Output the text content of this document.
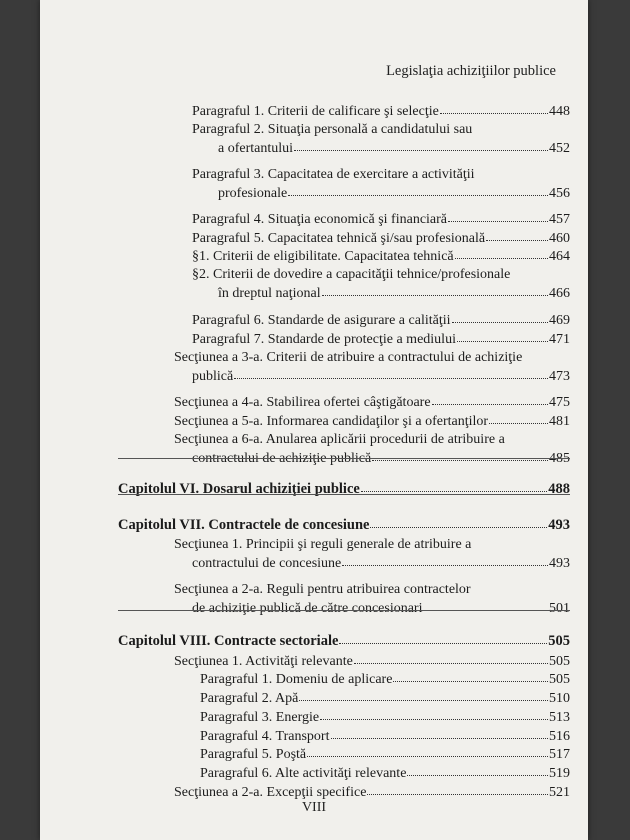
Legislaţia achiziţiilor publice
Paragraful 1. Criterii de calificare şi selecţie	448
Paragraful 2. Situaţia personală a candidatului sau
a ofertantului	452
Paragraful 3. Capacitatea de exercitare a activităţii
profesionale	456
Paragraful 4. Situaţia economică şi financiară	457
Paragraful 5. Capacitatea tehnică şi/sau profesională	460
§1. Criterii de eligibilitate. Capacitatea tehnică	464
§2. Criterii de dovedire a capacităţii tehnice/profesionale
în dreptul naţional	466
Paragraful 6. Standarde de asigurare a calităţii	469
Paragraful 7. Standarde de protecţie a mediului	471
Secţiunea a 3-a. Criterii de atribuire a contractului de achiziţie
publică	473
Secţiunea a 4-a. Stabilirea ofertei câştigătoare	475
Secţiunea a 5-a. Informarea candidaţilor şi a ofertanţilor	481
Secţiunea a 6-a. Anularea aplicării procedurii de atribuire a
contractului de achiziţie publică	485
Capitolul VI. Dosarul achiziţiei publice	488
Capitolul VII. Contractele de concesiune	493
Secţiunea 1. Principii şi reguli generale de atribuire a
contractului de concesiune	493
Secţiunea a 2-a. Reguli pentru atribuirea contractelor
de achiziţie publică de către concesionari	501
Capitolul VIII. Contracte sectoriale	505
Secţiunea 1. Activităţi relevante	505
Paragraful 1. Domeniu de aplicare	505
Paragraful 2. Apă	510
Paragraful 3. Energie	513
Paragraful 4. Transport	516
Paragraful 5. Poştă	517
Paragraful 6. Alte activităţi relevante	519
Secţiunea a 2-a. Excepţii specifice	521
VIII
